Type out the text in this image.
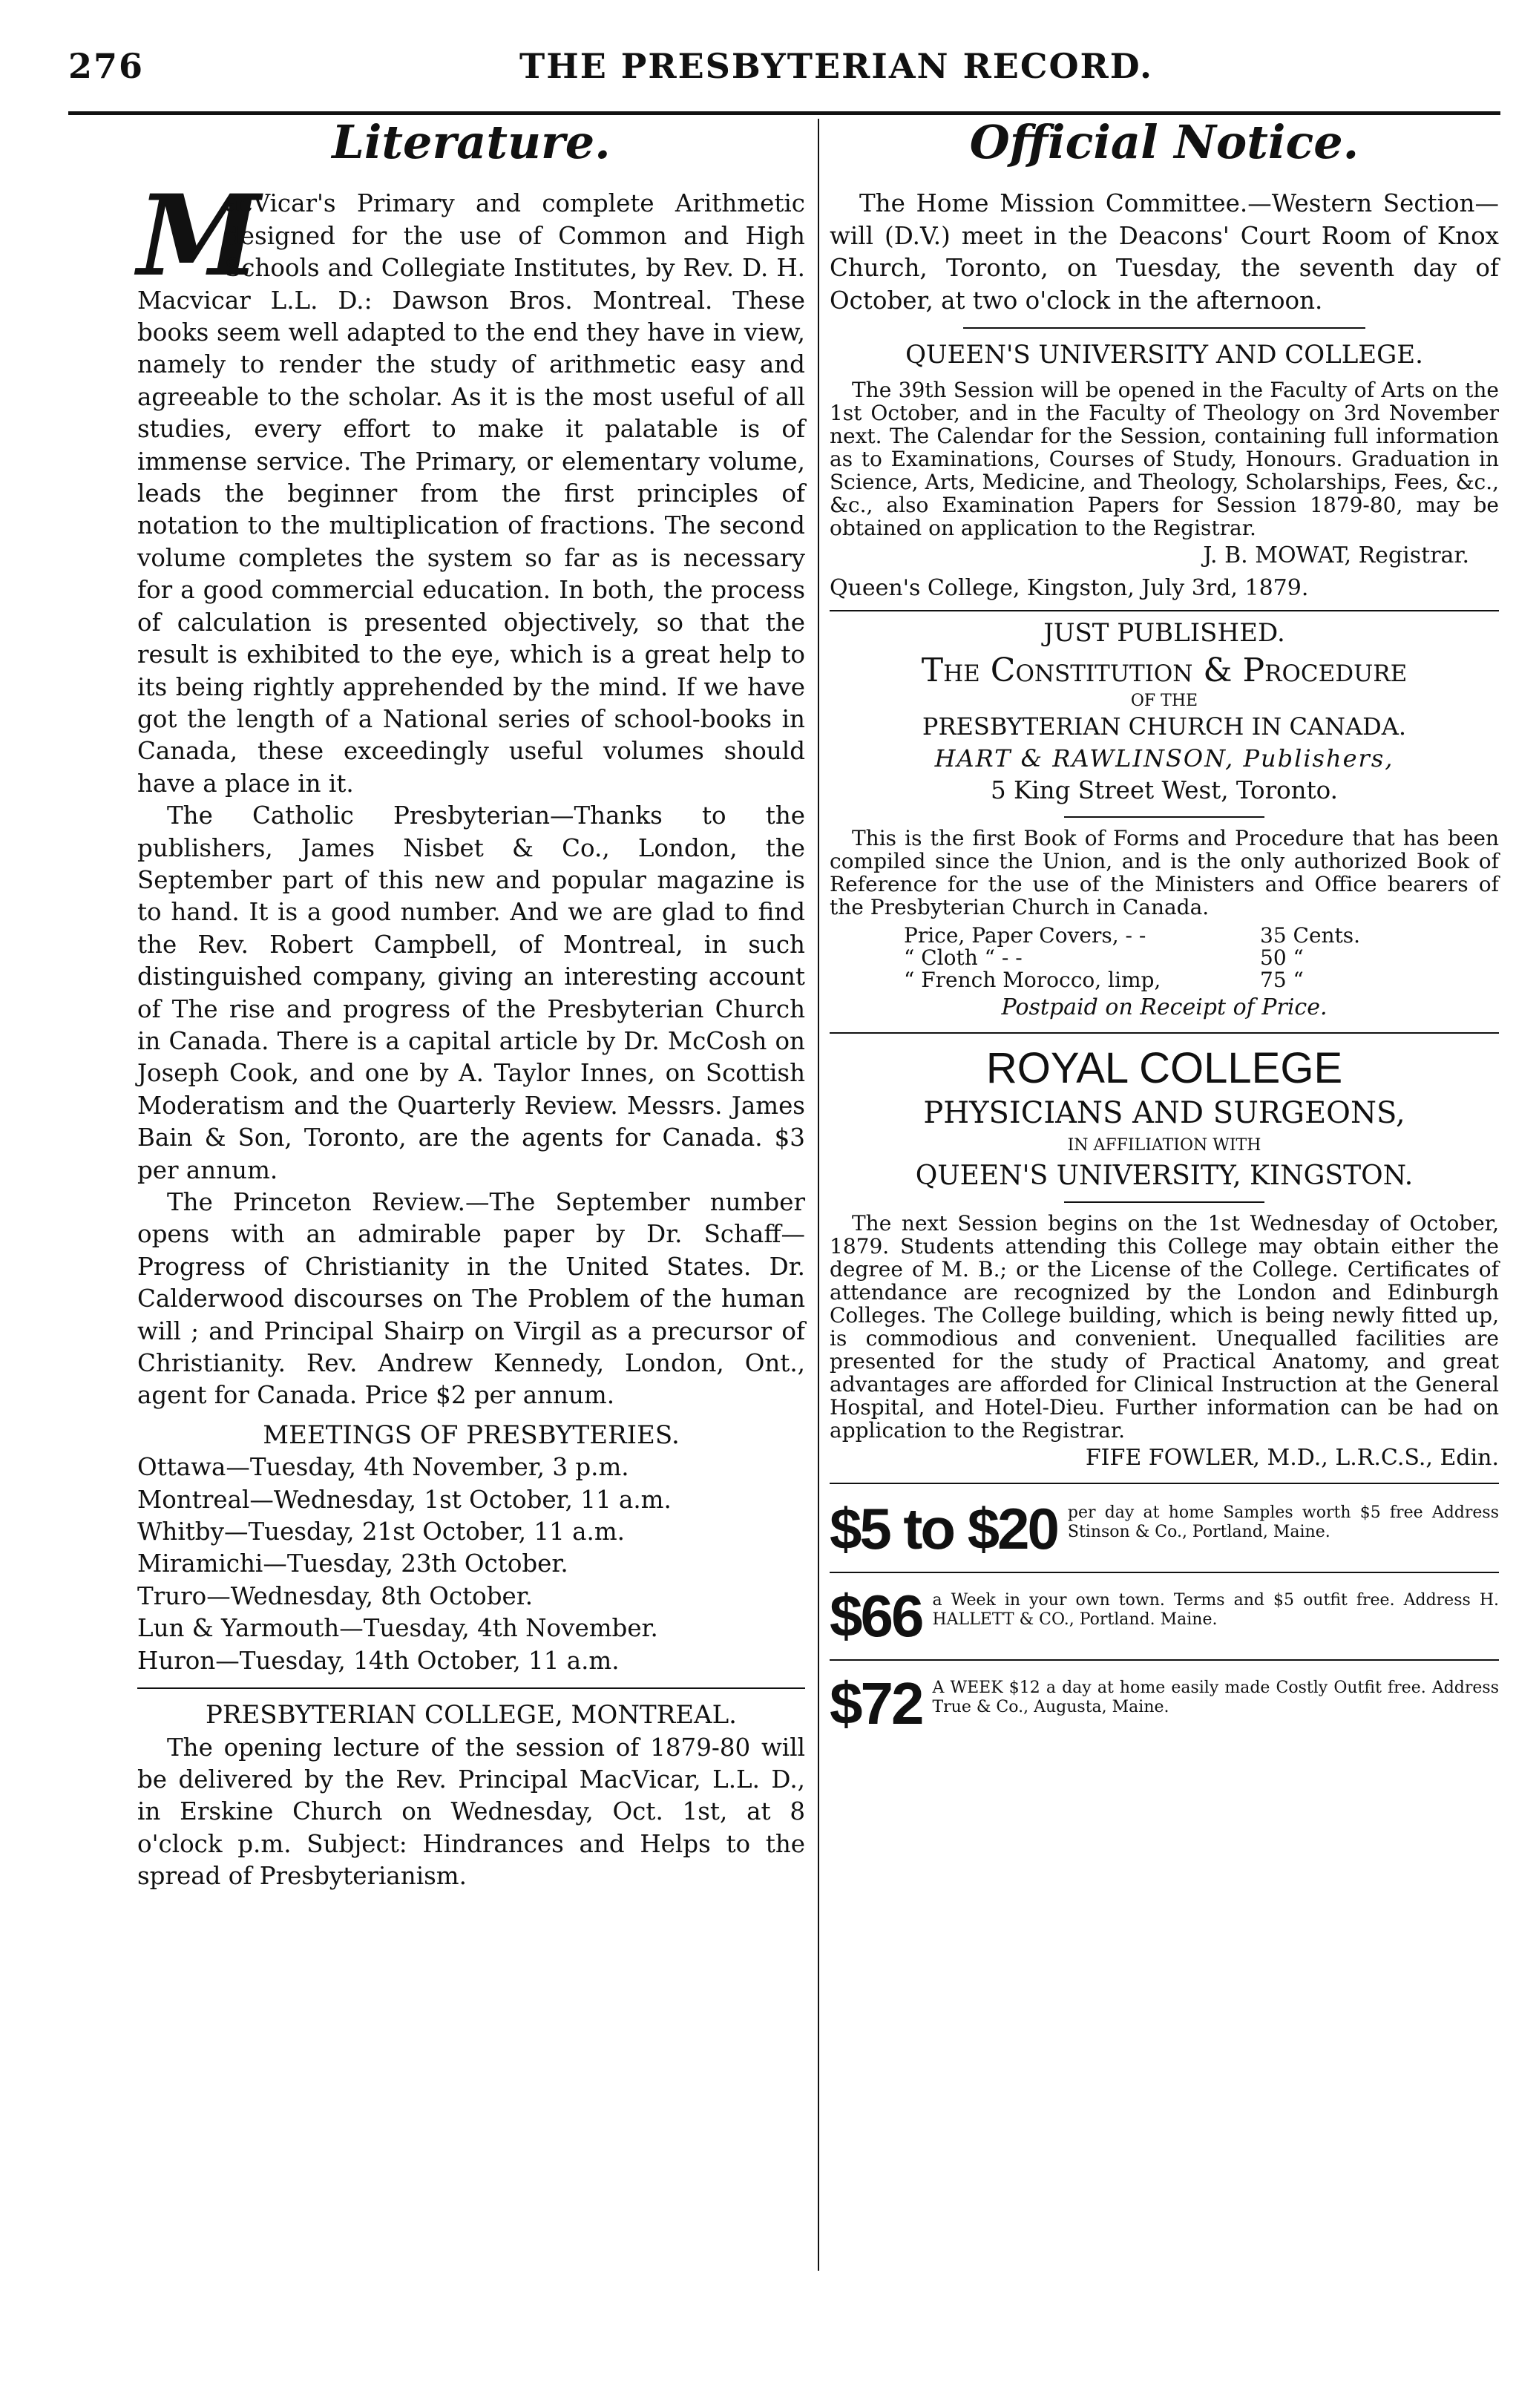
276	THE PRESBYTERIAN RECORD.
Literature.

M
acVicar's Primary and complete Arithmetic designed for the use of Common and High Schools and Collegiate Institutes, by Rev. D. H. Macvicar L.L. D.: Dawson Bros. Montreal. These books seem well adapted to the end they have in view, namely to render the study of arithmetic easy and agreeable to the scholar. As it is the most useful of all studies, every effort to make it palatable is of immense service. The Primary, or elementary volume, leads the beginner from the first principles of notation to the multiplication of fractions. The second volume completes the system so far as is necessary for a good commercial education. In both, the process of calculation is presented objectively, so that the result is exhibited to the eye, which is a great help to its being rightly apprehended by the mind. If we have got the length of a National series of school-books in Canada, these exceedingly useful volumes should have a place in it.

The Catholic Presbyterian—Thanks to the publishers, James Nisbet & Co., London, the September part of this new and popular magazine is to hand. It is a good number. And we are glad to find the Rev. Robert Campbell, of Montreal, in such distinguished company, giving an interesting account of The rise and progress of the Presbyterian Church in Canada. There is a capital article by Dr. McCosh on Joseph Cook, and one by A. Taylor Innes, on Scottish Moderatism and the Quarterly Review. Messrs. James Bain & Son, Toronto, are the agents for Canada. $3 per annum.

The Princeton Review.—The September number opens with an admirable paper by Dr. Schaff—Progress of Christianity in the United States. Dr. Calderwood discourses on The Problem of the human will ; and Principal Shairp on Virgil as a precursor of Christianity. Rev. Andrew Kennedy, London, Ont., agent for Canada. Price $2 per annum.

MEETINGS OF PRESBYTERIES.
Ottawa—Tuesday, 4th November, 3 p.m.
Montreal—Wednesday, 1st October, 11 a.m.
Whitby—Tuesday, 21st October, 11 a.m.
Miramichi—Tuesday, 23th October.
Truro—Wednesday, 8th October.
Lun & Yarmouth—Tuesday, 4th November.
Huron—Tuesday, 14th October, 11 a.m.
PRESBYTERIAN COLLEGE, MONTREAL.

The opening lecture of the session of 1879-80 will be delivered by the Rev. Principal MacVicar, L.L. D., in Erskine Church on Wednesday, Oct. 1st, at 8 o'clock p.m. Subject: Hindrances and Helps to the spread of Presbyterianism.

Official Notice.

The Home Mission Committee.—Western Section—will (D.V.) meet in the Deacons' Court Room of Knox Church, Toronto, on Tuesday, the seventh day of October, at two o'clock in the afternoon.

QUEEN'S UNIVERSITY AND COLLEGE.
The 39th Session will be opened in the Faculty of Arts on the 1st October, and in the Faculty of Theology on 3rd November next. The Calendar for the Session, containing full information as to Examinations, Courses of Study, Honours. Graduation in Science, Arts, Medicine, and Theology, Scholarships, Fees, &c., &c., also Examination Papers for Session 1879-80, may be obtained on application to the Registrar.
J. B. MOWAT, Registrar.
Queen's College, Kingston, July 3rd, 1879.
JUST PUBLISHED.
The Constitution & Procedure
OF THE
PRESBYTERIAN CHURCH IN CANADA.
HART & RAWLINSON, Publishers,
5 King Street West, Toronto.
This is the first Book of Forms and Procedure that has been compiled since the Union, and is the only authorized Book of Reference for the use of the Ministers and Office bearers of the Presbyterian Church in Canada.
Price, Paper Covers, - -	35 Cents.
“ Cloth “ - -	50 “
“ French Morocco, limp,	75 “
Postpaid on Receipt of Price.
ROYAL COLLEGE
PHYSICIANS AND SURGEONS,
IN AFFILIATION WITH
QUEEN'S UNIVERSITY, KINGSTON.
The next Session begins on the 1st Wednesday of October, 1879. Students attending this College may obtain either the degree of M. B.; or the License of the College. Certificates of attendance are recognized by the London and Edinburgh Colleges. The College building, which is being newly fitted up, is commodious and convenient. Unequalled facilities are presented for the study of Practical Anatomy, and great advantages are afforded for Clinical Instruction at the General Hospital, and Hotel-Dieu. Further information can be had on application to the Registrar.
FIFE FOWLER, M.D., L.R.C.S., Edin.
$5 to $20 per day at home Samples worth $5 free Address Stinson & Co., Portland, Maine.
$66 a Week in your own town. Terms and $5 outfit free. Address H. HALLETT & CO., Portland. Maine.
$72 A WEEK $12 a day at home easily made Costly Outfit free. Address True & Co., Augusta, Maine.
